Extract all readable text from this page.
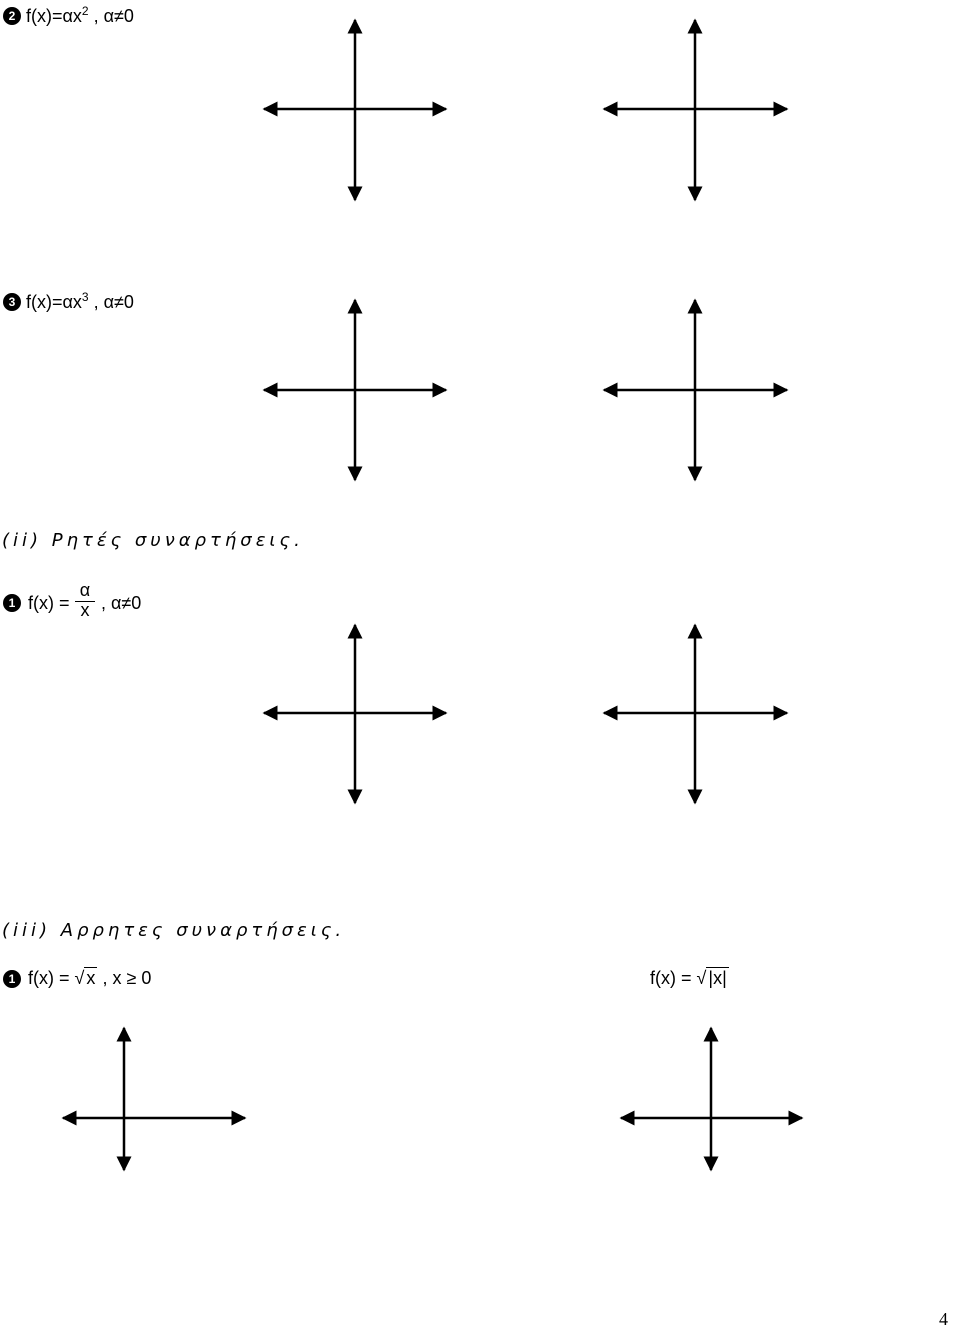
2 $f(x)=\alpha x^2$ , α≠0
3 $f(x)=\alpha x^3$ , α≠0
(ii) Ρητές συναρτήσεις.
1 f(x) =
α
x , α≠0
(iii) Αρρητες συναρτήσεις.
1 f(x) = √ x , x ≥ 0	f(x) = √ |x|
4
